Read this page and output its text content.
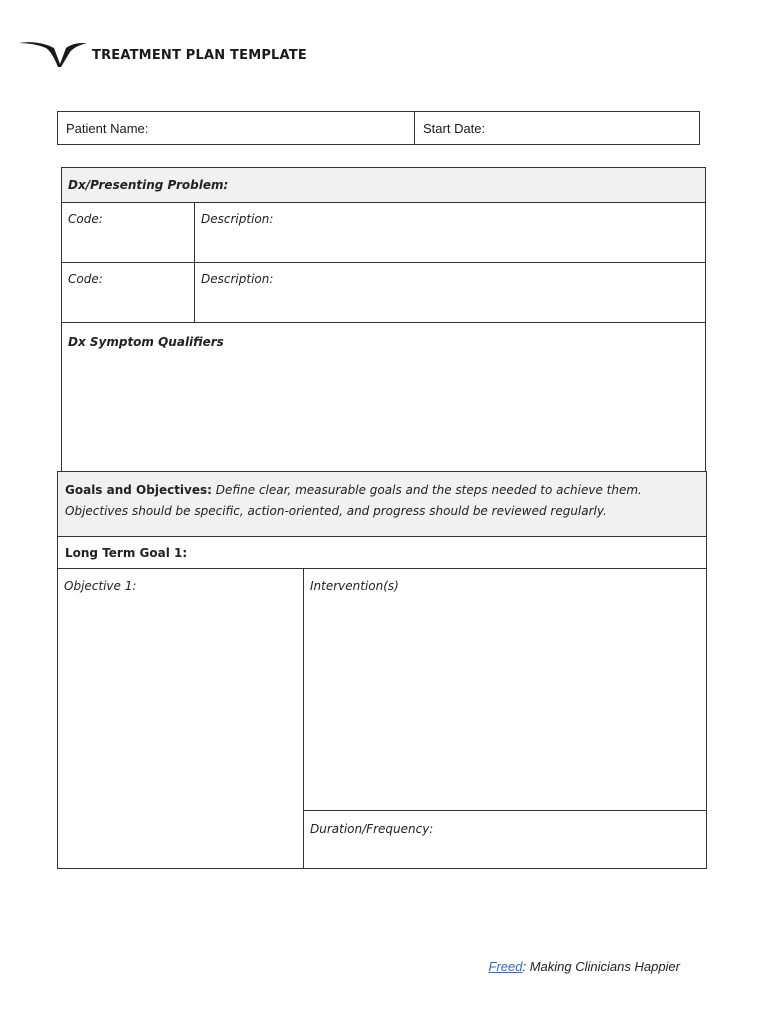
TREATMENT PLAN TEMPLATE
Patient Name:	Start Date:
Dx/Presenting Problem:	
Code:	Description:
Code:	Description:
Dx Symptom Qualifiers	
Goals and Objectives: Define clear, measurable goals and the steps needed to achieve them. Objectives should be specific, action-oriented, and progress should be reviewed regularly.
Long Term Goal 1:
Objective 1:	Intervention(s)
Duration/Frequency:
Freed: Making Clinicians Happier
